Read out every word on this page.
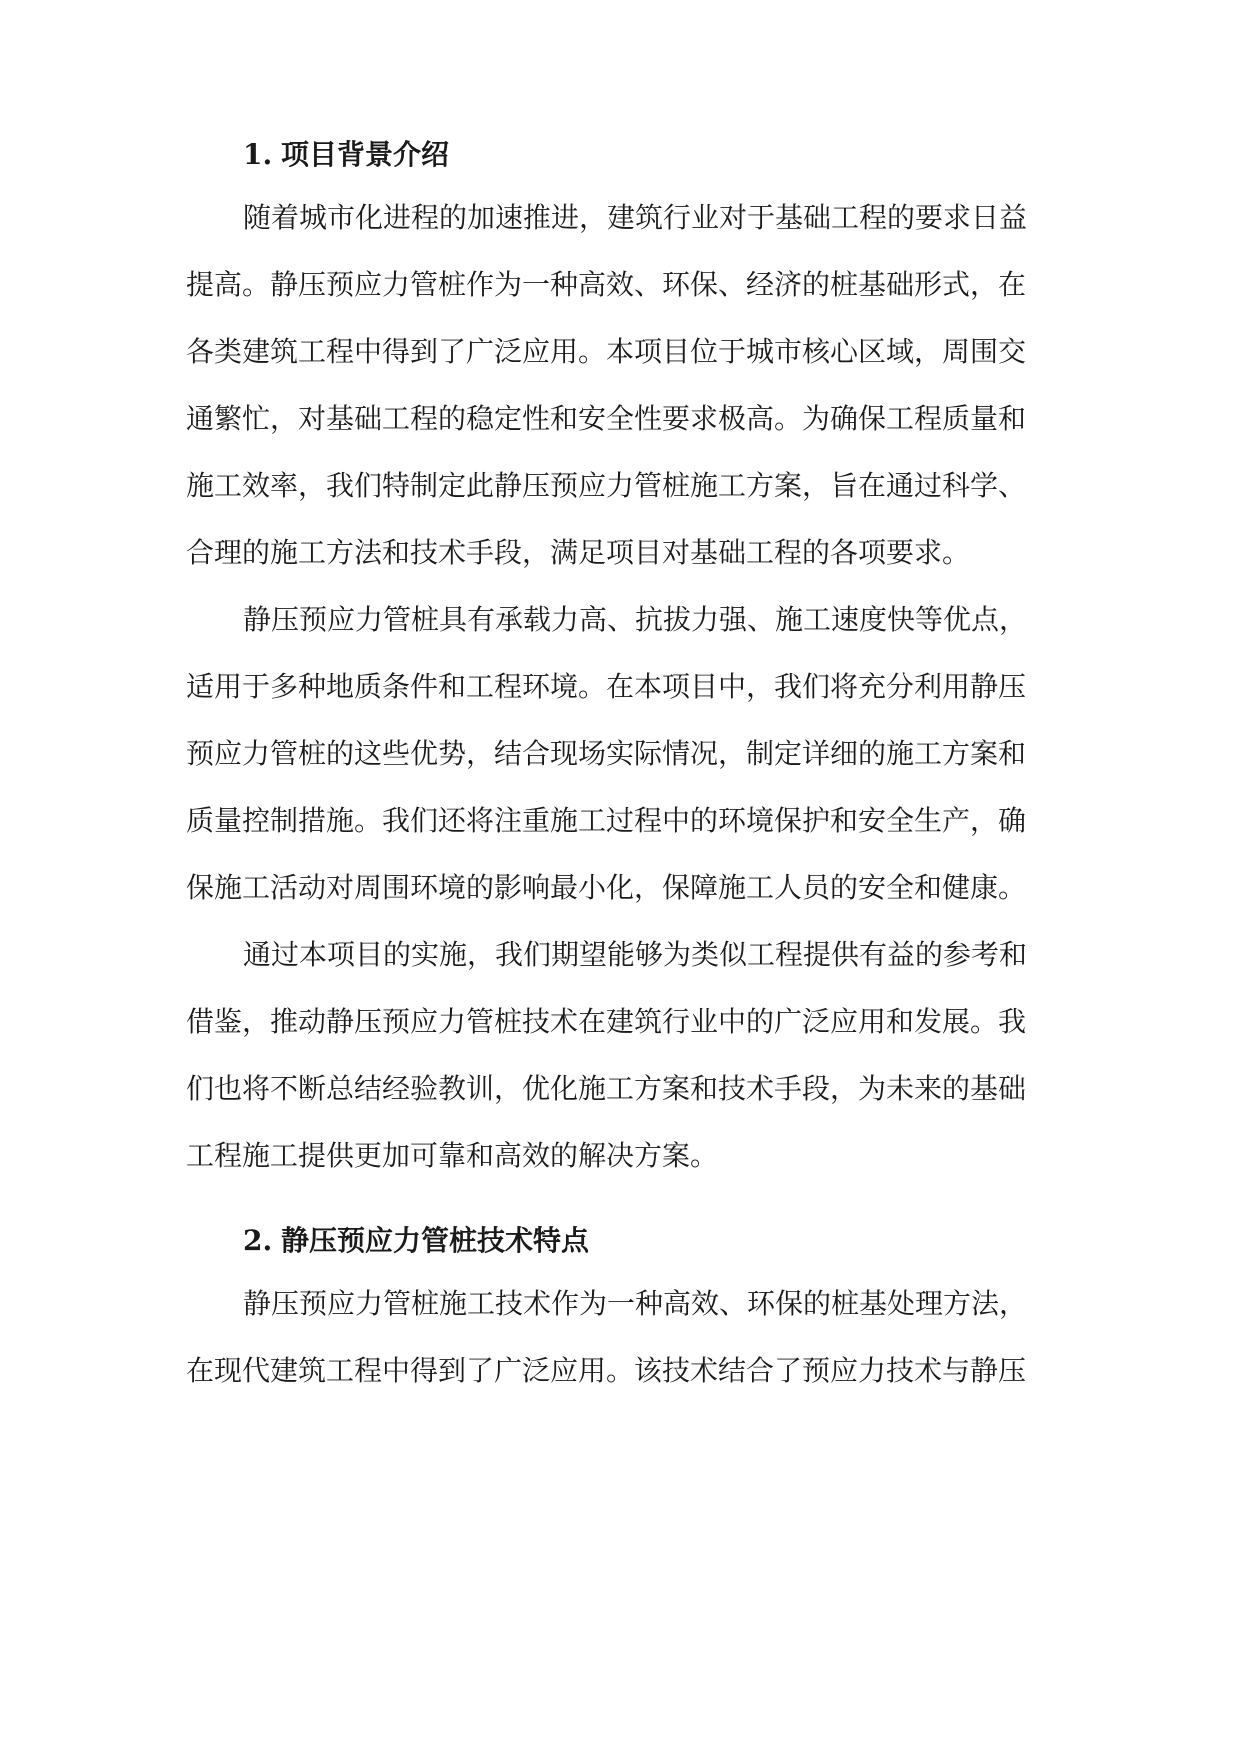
1. 项目背景介绍
随着城市化进程的加速推进，建筑行业对于基础工程的要求日益
提高。静压预应力管桩作为一种高效、环保、经济的桩基础形式，在
各类建筑工程中得到了广泛应用。本项目位于城市核心区域，周围交
通繁忙，对基础工程的稳定性和安全性要求极高。为确保工程质量和
施工效率，我们特制定此静压预应力管桩施工方案，旨在通过科学、
合理的施工方法和技术手段，满足项目对基础工程的各项要求。
静压预应力管桩具有承载力高、抗拔力强、施工速度快等优点，
适用于多种地质条件和工程环境。在本项目中，我们将充分利用静压
预应力管桩的这些优势，结合现场实际情况，制定详细的施工方案和
质量控制措施。我们还将注重施工过程中的环境保护和安全生产，确
保施工活动对周围环境的影响最小化，保障施工人员的安全和健康。
通过本项目的实施，我们期望能够为类似工程提供有益的参考和
借鉴，推动静压预应力管桩技术在建筑行业中的广泛应用和发展。我
们也将不断总结经验教训，优化施工方案和技术手段，为未来的基础
工程施工提供更加可靠和高效的解决方案。
2. 静压预应力管桩技术特点
静压预应力管桩施工技术作为一种高效、环保的桩基处理方法，
在现代建筑工程中得到了广泛应用。该技术结合了预应力技术与静压
